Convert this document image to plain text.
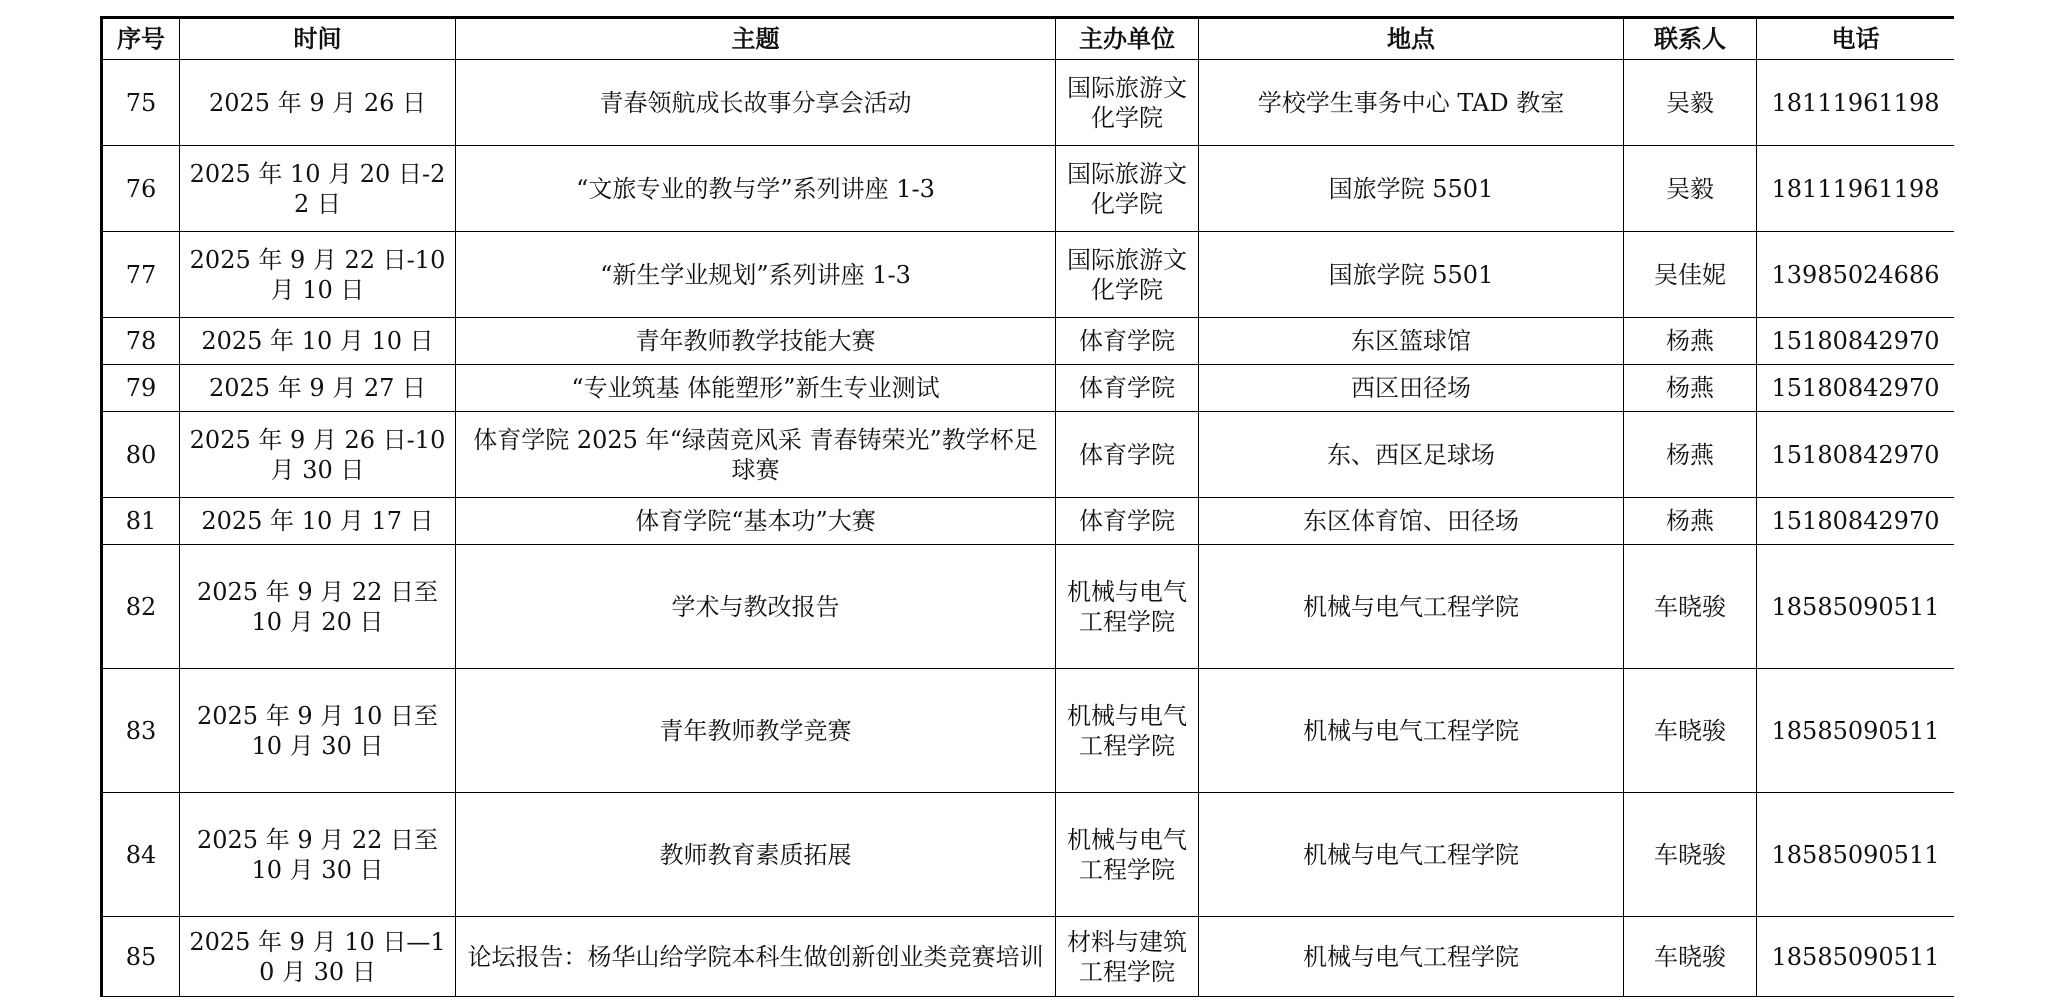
序号	时间	主题	主办单位	地点	联系人	电话
75	2025 年 9 月 26 日	青春领航成长故事分享会活动	国际旅游文化学院	学校学生事务中心 TAD 教室	吴毅	18111961198
76	2025 年 10 月 20 日-22 日	“文旅专业的教与学”系列讲座 1-3	国际旅游文化学院	国旅学院 5501	吴毅	18111961198
77	2025 年 9 月 22 日-10 月 10 日	“新生学业规划”系列讲座 1-3	国际旅游文化学院	国旅学院 5501	吴佳妮	13985024686
78	2025 年 10 月 10 日	青年教师教学技能大赛	体育学院	东区篮球馆	杨燕	15180842970
79	2025 年 9 月 27 日	“专业筑基 体能塑形”新生专业测试	体育学院	西区田径场	杨燕	15180842970
80	2025 年 9 月 26 日-10 月 30 日	体育学院 2025 年“绿茵竞风采 青春铸荣光”教学杯足球赛	体育学院	东、西区足球场	杨燕	15180842970
81	2025 年 10 月 17 日	体育学院“基本功”大赛	体育学院	东区体育馆、田径场	杨燕	15180842970
82	2025 年 9 月 22 日至 10 月 20 日	学术与教改报告	机械与电气工程学院	机械与电气工程学院	车晓骏	18585090511
83	2025 年 9 月 10 日至 10 月 30 日	青年教师教学竞赛	机械与电气工程学院	机械与电气工程学院	车晓骏	18585090511
84	2025 年 9 月 22 日至 10 月 30 日	教师教育素质拓展	机械与电气工程学院	机械与电气工程学院	车晓骏	18585090511
85	2025 年 9 月 10 日—10 月 30 日	论坛报告：杨华山给学院本科生做创新创业类竞赛培训	材料与建筑工程学院	机械与电气工程学院	车晓骏	18585090511
